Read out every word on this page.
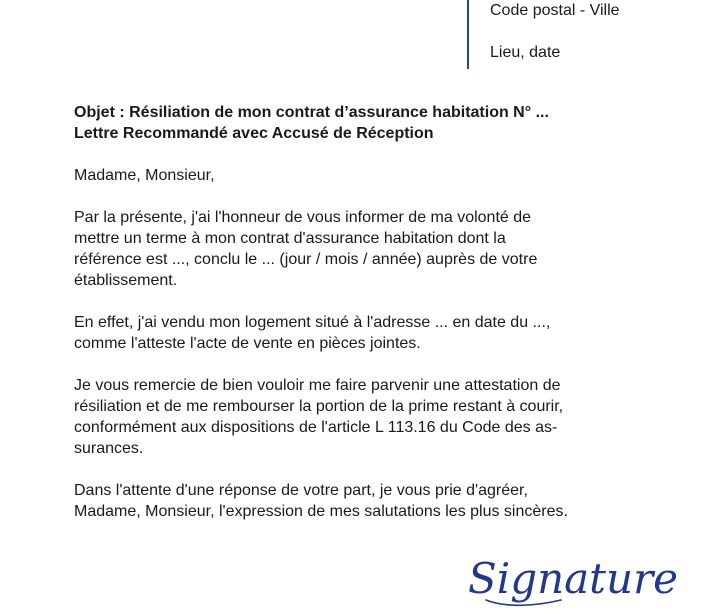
Code postal - Ville
Lieu, date

Objet : Résiliation de mon contrat d’assurance habitation N° ...
Lettre Recommandé avec Accusé de Réception

Madame, Monsieur,

Par la présente, j'ai l'honneur de vous informer de ma volonté de
mettre un terme à mon contrat d'assurance habitation dont la
référence est ..., conclu le ... (jour / mois / année) auprès de votre
établissement.

En effet, j'ai vendu mon logement situé à l'adresse ... en date du ...,
comme l'atteste l'acte de vente en pièces jointes.

Je vous remercie de bien vouloir me faire parvenir une attestation de
résiliation et de me rembourser la portion de la prime restant à courir,
conformément aux dispositions de l'article L 113.16 du Code des as-
surances.

Dans l'attente d'une réponse de votre part, je vous prie d'agréer,
Madame, Monsieur, l'expression de mes salutations les plus sincères.

Signature
